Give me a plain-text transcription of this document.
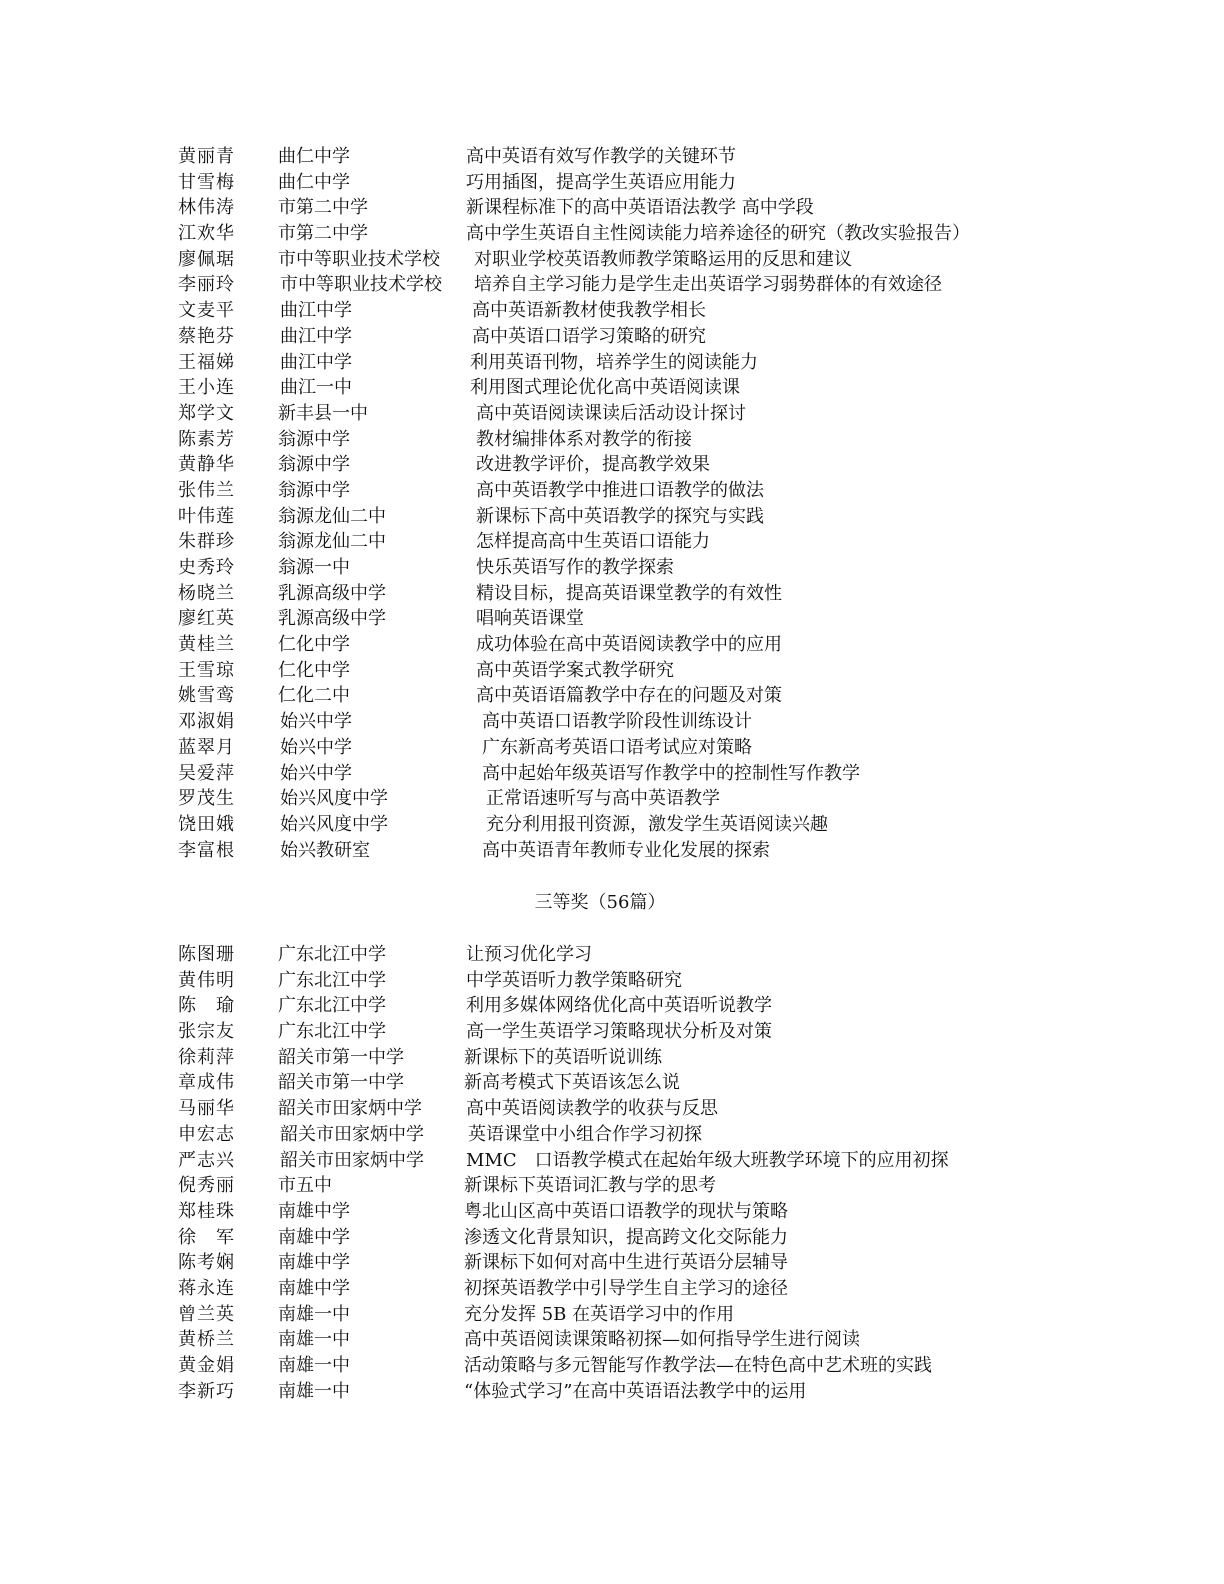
黄丽青 曲仁中学	高中英语有效写作教学的关键环节
甘雪梅 曲仁中学	巧用插图，提高学生英语应用能力
林伟涛 市第二中学	新课程标准下的高中英语语法教学 高中学段
江欢华 市第二中学	高中学生英语自主性阅读能力培养途径的研究（教改实验报告）
廖佩琚 市中等职业技术学校 对职业学校英语教师教学策略运用的反思和建议
李丽玲	市中等职业技术学校 培养自主学习能力是学生走出英语学习弱势群体的有效途径
文麦平	曲江中学	高中英语新教材使我教学相长
蔡艳芬	曲江中学	高中英语口语学习策略的研究
王福娣	曲江中学	利用英语刊物，培养学生的阅读能力
王小连	曲江一中	利用图式理论优化高中英语阅读课
郑学文 新丰县一中	高中英语阅读课读后活动设计探讨
陈素芳 翁源中学	教材编排体系对教学的衔接
黄静华 翁源中学	改进教学评价，提高教学效果
张伟兰 翁源中学	高中英语教学中推进口语教学的做法
叶伟莲 翁源龙仙二中	新课标下高中英语教学的探究与实践
朱群珍 翁源龙仙二中	怎样提高高中生英语口语能力
史秀玲 翁源一中	快乐英语写作的教学探索
杨晓兰 乳源高级中学	精设目标，提高英语课堂教学的有效性
廖红英 乳源高级中学	唱响英语课堂
黄桂兰 仁化中学	成功体验在高中英语阅读教学中的应用
王雪琼 仁化中学	高中英语学案式教学研究
姚雪鸾 仁化二中	高中英语语篇教学中存在的问题及对策
邓淑娟	始兴中学	高中英语口语教学阶段性训练设计
蓝翠月	始兴中学	广东新高考英语口语考试应对策略
吴爱萍	始兴中学	高中起始年级英语写作教学中的控制性写作教学
罗茂生	始兴风度中学	正常语速听写与高中英语教学
饶田娥	始兴风度中学	充分利用报刊资源，激发学生英语阅读兴趣
李富根	始兴教研室	高中英语青年教师专业化发展的探索
三等奖（56篇）
陈图珊 广东北江中学	让预习优化学习
黄伟明 广东北江中学	中学英语听力教学策略研究
陈　瑜 广东北江中学	利用多媒体网络优化高中英语听说教学
张宗友 广东北江中学	高一学生英语学习策略现状分析及对策
徐莉萍 韶关市第一中学	新课标下的英语听说训练
章成伟 韶关市第一中学	新高考模式下英语该怎么说
马丽华 韶关市田家炳中学 高中英语阅读教学的收获与反思
申宏志	韶关市田家炳中学 英语课堂中小组合作学习初探
严志兴	韶关市田家炳中学 MMC　口语教学模式在起始年级大班教学环境下的应用初探
倪秀丽 市五中	新课标下英语词汇教与学的思考
郑桂珠 南雄中学	粤北山区高中英语口语教学的现状与策略
徐　军 南雄中学	渗透文化背景知识，提高跨文化交际能力
陈考娴 南雄中学	新课标下如何对高中生进行英语分层辅导
蒋永连 南雄中学	初探英语教学中引导学生自主学习的途径
曾兰英 南雄一中	充分发挥 5B 在英语学习中的作用
黄桥兰 南雄一中	高中英语阅读课策略初探—如何指导学生进行阅读
黄金娟 南雄一中	活动策略与多元智能写作教学法—在特色高中艺术班的实践
李新巧 南雄一中	“体验式学习”在高中英语语法教学中的运用
